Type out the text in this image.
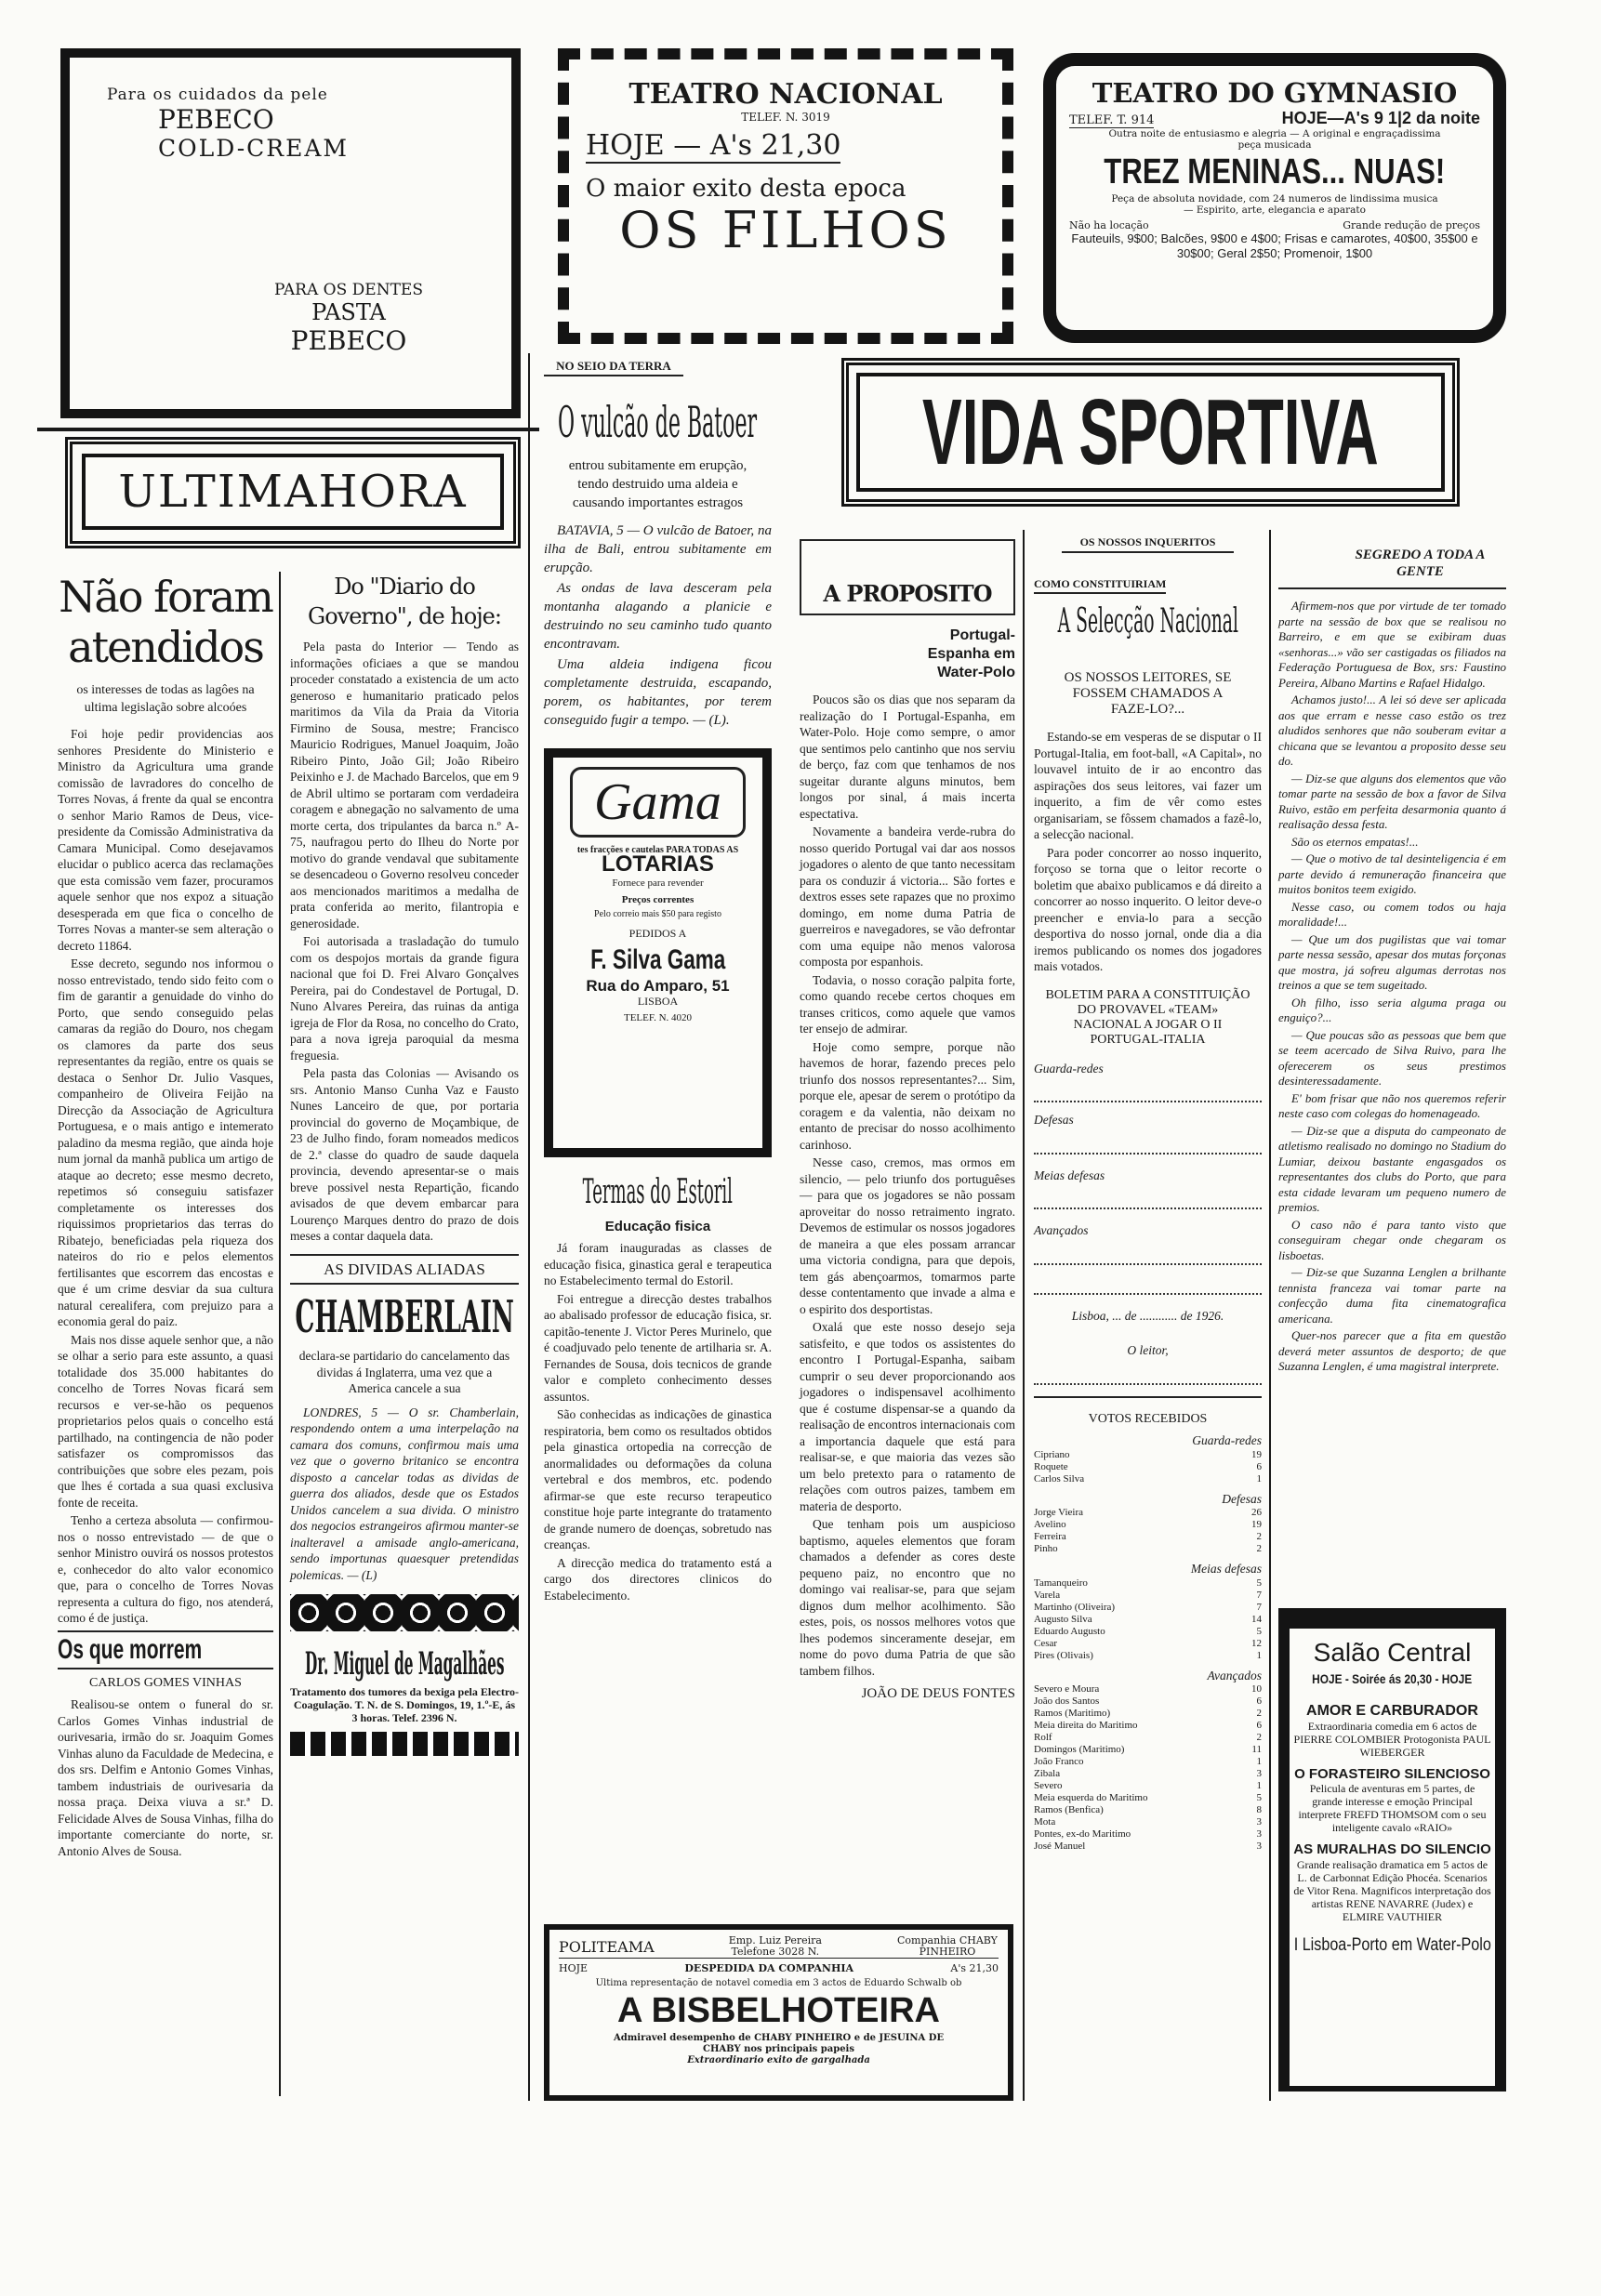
Para os cuidados da pele
PEBECO
COLD-CREAM
PARA OS DENTES
PASTA
PEBECO
TEATRO NACIONAL
TELEF. N. 3019
HOJE — A's 21,30
O maior exito desta epoca
OS FILHOS
TEATRO DO GYMNASIO
TELEF. T. 914	HOJE—A's 9 1|2 da noite
Outra noite de entusiasmo e alegria — A original e engraçadissima peça musicada
TREZ MENINAS... NUAS!
Peça de absoluta novidade, com 24 numeros de lindissima musica — Espirito, arte, elegancia e aparato
Não ha locação	Grande redução de preços
Fauteuils, 9$00; Balcões, 9$00 e 4$00; Frisas e camarotes, 40$00, 35$00 e 30$00; Geral 2$50; Promenoir, 1$00
ULTIMAHORA
Não foram atendidos
os interesses de todas as lagôes na ultima legislação sobre alcoóes

Foi hoje pedir providencias aos senhores Presidente do Ministerio e Ministro da Agricultura uma grande comissão de lavradores do concelho de Torres Novas, á frente da qual se encontra o senhor Mario Ramos de Deus, vice-presidente da Comissão Administrativa da Camara Municipal. Como desejavamos elucidar o publico acerca das reclamações que esta comissão vem fazer, procuramos aquele senhor que nos expoz a situação desesperada em que fica o concelho de Torres Novas a manter-se sem alteração o decreto 11864.

Esse decreto, segundo nos informou o nosso entrevistado, tendo sido feito com o fim de garantir a genuidade do vinho do Porto, que sendo conseguido pelas camaras da região do Douro, nos chegam os clamores da parte dos seus representantes da região, entre os quais se destaca o Senhor Dr. Julio Vasques, companheiro de Oliveira Feijão na Direcção da Associação de Agricultura Portuguesa, e o mais antigo e intemerato paladino da mesma região, que ainda hoje num jornal da manhã publica um artigo de ataque ao decreto; esse mesmo decreto, repetimos só conseguiu satisfazer completamente os interesses dos riquissimos proprietarios das terras do Ribatejo, beneficiadas pela riqueza dos nateiros do rio e pelos elementos fertilisantes que escorrem das encostas e que é um crime desviar da sua cultura natural cerealifera, com prejuizo para a economia geral do paiz.

Mais nos disse aquele senhor que, a não se olhar a serio para este assunto, a quasi totalidade dos 35.000 habitantes do concelho de Torres Novas ficará sem recursos e ver-se-hão os pequenos proprietarios pelos quais o concelho está partilhado, na contingencia de não poder satisfazer os compromissos das contribuições que sobre eles pezam, pois que lhes é cortada a sua quasi exclusiva fonte de receita.

Tenho a certeza absoluta — confirmou-nos o nosso entrevistado — de que o senhor Ministro ouvirá os nossos protestos e, conhecedor do alto valor economico que, para o concelho de Torres Novas representa a cultura do figo, nos atenderá, como é de justiça.

Os que morrem
CARLOS GOMES VINHAS

Realisou-se ontem o funeral do sr. Carlos Gomes Vinhas industrial de ourivesaria, irmão do sr. Joaquim Gomes Vinhas aluno da Faculdade de Medecina, e dos srs. Delfim e Antonio Gomes Vinhas, tambem industriais de ourivesaria da nossa praça. Deixa viuva a sr.ª D. Felicidade Alves de Sousa Vinhas, filha do importante comerciante do norte, sr. Antonio Alves de Sousa.

Do "Diario do Governo", de hoje:

Pela pasta do Interior — Tendo as informações oficiaes a que se mandou proceder constatado a existencia de um acto generoso e humanitario praticado pelos maritimos da Vila da Praia da Vitoria Firmino de Sousa, mestre; Francisco Mauricio Rodrigues, Manuel Joaquim, João Ribeiro Pinto, João Gil; João Ribeiro Peixinho e J. de Machado Barcelos, que em 9 de Abril ultimo se portaram com verdadeira coragem e abnegação no salvamento de uma morte certa, dos tripulantes da barca n.º A-75, naufragou perto do Ilheu do Norte por motivo do grande vendaval que subitamente se desencadeou o Governo resolveu conceder aos mencionados maritimos a medalha de prata conferida ao merito, filantropia e generosidade.

Foi autorisada a trasladação do tumulo com os despojos mortais da grande figura nacional que foi D. Frei Alvaro Gonçalves Pereira, pai do Condestavel de Portugal, D. Nuno Alvares Pereira, das ruinas da antiga igreja de Flor da Rosa, no concelho do Crato, para a nova igreja paroquial da mesma freguesia.

Pela pasta das Colonias — Avisando os srs. Antonio Manso Cunha Vaz e Fausto Nunes Lanceiro de que, por portaria provincial do governo de Moçambique, de 23 de Julho findo, foram nomeados medicos de 2.ª classe do quadro de saude daquela provincia, devendo apresentar-se o mais breve possivel nesta Repartição, ficando avisados de que devem embarcar para Lourenço Marques dentro do prazo de dois meses a contar daquela data.

AS DIVIDAS ALIADAS
CHAMBERLAIN
declara-se partidario do cancelamento das dividas á Inglaterra, uma vez que a America cancele a sua

LONDRES, 5 — O sr. Chamberlain, respondendo ontem a uma interpelação na camara dos comuns, confirmou mais uma vez que o governo britanico se encontra disposto a cancelar todas as dividas de guerra dos aliados, desde que os Estados Unidos cancelem a sua divida. O ministro dos negocios estrangeiros afirmou manter-se inalteravel a amisade anglo-americana, sendo importunas quaesquer pretendidas polemicas. — (L)

Dr. Miguel de Magalhães

Tratamento dos tumores da bexiga pela Electro-Coagulação. T. N. de S. Domingos, 19, 1.º-E, ás 3 horas. Telef. 2396 N.

NO SEIO DA TERRA
O vulcão de Batoer
entrou subitamente em erupção, tendo destruido uma aldeia e causando importantes estragos

BATAVIA, 5 — O vulcão de Batoer, na ilha de Bali, entrou subitamente em erupção.

As ondas de lava desceram pela montanha alagando a planicie e destruindo no seu caminho tudo quanto encontravam.

Uma aldeia indigena ficou completamente destruida, escapando, porem, os habitantes, por terem conseguido fugir a tempo. — (L).

Gama
tes fracções e cautelas PARA TODAS AS
LOTARIAS
Fornece para revender
Preços correntes
Pelo correio mais $50 para registo
PEDIDOS A
F. Silva Gama
Rua do Amparo, 51
LISBOA
TELEF. N. 4020
Termas do Estoril
Educação fisica

Já foram inauguradas as classes de educação fisica, ginastica geral e terapeutica no Estabelecimento termal do Estoril.

Foi entregue a direcção destes trabalhos ao abalisado professor de educação fisica, sr. capitão-tenente J. Victor Peres Murinelo, que é coadjuvado pelo tenente de artilharia sr. A. Fernandes de Sousa, dois tecnicos de grande valor e completo conhecimento desses assuntos.

São conhecidas as indicações de ginastica respiratoria, bem como os resultados obtidos pela ginastica ortopedia na correcção de anormalidades ou deformações da coluna vertebral e dos membros, etc. podendo afirmar-se que este recurso terapeutico constitue hoje parte integrante do tratamento de grande numero de doenças, sobretudo nas creanças.

A direcção medica do tratamento está a cargo dos directores clinicos do Estabelecimento.

POLITEAMA	Emp. Luiz Pereira
Telefone 3028 N.
Companhia CHABY PINHEIRO
HOJE	DESPEDIDA DA COMPANHIA	A's 21,30
Ultima representação de notavel comedia em 3 actos de Eduardo Schwalb ob
A BISBELHOTEIRA
Admiravel desempenho de CHABY PINHEIRO e de JESUINA DE CHABY nos principais papeis
Extraordinario exito de gargalhada
VIDA SPORTIVA
A PROPOSITO
Portugal-Espanha em Water-Polo

Poucos são os dias que nos separam da realização do I Portugal-Espanha, em Water-Polo. Hoje como sempre, o amor que sentimos pelo cantinho que nos serviu de berço, faz com que tenhamos de nos sugeitar durante alguns minutos, bem longos por sinal, á mais incerta espectativa.

Novamente a bandeira verde-rubra do nosso querido Portugal vai dar aos nossos jogadores o alento de que tanto necessitam para os conduzir á victoria... São fortes e dextros esses sete rapazes que no proximo domingo, em nome duma Patria de guerreiros e navegadores, se vão defrontar com uma equipe não menos valorosa composta por espanhois.

Todavia, o nosso coração palpita forte, como quando recebe certos choques em transes criticos, como aquele que vamos ter ensejo de admirar.

Hoje como sempre, porque não havemos de horar, fazendo preces pelo triunfo dos nossos representantes?... Sim, porque ele, apesar de serem o protótipo da coragem e da valentia, não deixam no entanto de precisar do nosso acolhimento carinhoso.

Nesse caso, cremos, mas ormos em silencio, — pelo triunfo dos portuguêses — para que os jogadores se não possam aproveitar do nosso retraimento ingrato. Devemos de estimular os nossos jogadores de maneira a que eles possam arrancar uma victoria condigna, para que depois, tem gás abençoarmos, tomarmos parte desse contentamento que invade a alma e o espirito dos desportistas.

Oxalá que este nosso desejo seja satisfeito, e que todos os assistentes do encontro I Portugal-Espanha, saibam cumprir o seu dever proporcionando aos jogadores o indispensavel acolhimento que é costume dispensar-se a quando da realisação de encontros internacionais com a importancia daquele que está para realisar-se, e que maioria das vezes são um belo pretexto para o ratamento de relações com outros paizes, tambem em materia de desporto.

Que tenham pois um auspicioso baptismo, aqueles elementos que foram chamados a defender as cores deste pequeno paiz, no encontro que no domingo vai realisar-se, para que sejam dignos dum melhor acolhimento. São estes, pois, os nossos melhores votos que lhes podemos sinceramente desejar, em nome do povo duma Patria de que são tambem filhos.

JOÃO DE DEUS FONTES
OS NOSSOS INQUERITOS
COMO CONSTITUIRIAM
A Selecção Nacional
OS NOSSOS LEITORES, SE FOSSEM CHAMADOS A FAZE-LO?...

Estando-se em vesperas de se disputar o II Portugal-Italia, em foot-ball, «A Capital», no louvavel intuito de ir ao encontro das aspirações dos seus leitores, vai fazer um inquerito, a fim de vêr como estes organisariam, se fôssem chamados a fazê-lo, a selecção nacional.

Para poder concorrer ao nosso inquerito, forçoso se torna que o leitor recorte o boletim que abaixo publicamos e dá direito a concorrer ao nosso inquerito. O leitor deve-o preencher e envia-lo para a secção desportiva do nosso jornal, onde dia a dia iremos publicando os nomes dos jogadores mais votados.

BOLETIM PARA A CONSTITUIÇÃO DO PROVAVEL «TEAM» NACIONAL A JOGAR O II PORTUGAL-ITALIA
Guarda-redes
Defesas
Meias defesas
Avançados
Lisboa, ... de ............ de 1926.
O leitor,
VOTOS RECEBIDOS
Guarda-redes
Cipriano	19
Roquete	6
Carlos Silva	1
Defesas
Jorge Vieira	26
Avelino	19
Ferreira	2
Pinho	2
Meias defesas
Tamanqueiro	5
Varela	7
Martinho (Oliveira)	7
Augusto Silva	14
Eduardo Augusto	5
Cesar	12
Pires (Olivais)	1
Avançados
Severo e Moura	10
João dos Santos	6
Ramos (Maritimo)	2
Meia direita do Maritimo	6
Rolf	2
Domingos (Maritimo)	11
João Franco	1
Zibala	3
Severo	1
Meia esquerda do Maritimo	5
Ramos (Benfica)	8
Mota	3
Pontes, ex-do Maritimo	3
José Manuel	3
SEGREDO A TODA A GENTE

Afirmem-nos que por virtude de ter tomado parte na sessão de box que se realisou no Barreiro, e em que se exibiram duas «senhoras...» vão ser castigadas os filiados na Federação Portuguesa de Box, srs: Faustino Pereira, Albano Martins e Rafael Hidalgo.

Achamos justo!... A lei só deve ser aplicada aos que erram e nesse caso estão os trez aludidos senhores que não souberam evitar a chicana que se levantou a proposito desse seu do.

— Diz-se que alguns dos elementos que vão tomar parte na sessão de box a favor de Silva Ruivo, estão em perfeita desarmonia quanto á realisação dessa festa.

São os eternos empatas!...

— Que o motivo de tal desinteligencia é em parte devido á remuneração financeira que muitos bonitos teem exigido.

Nesse caso, ou comem todos ou haja moralidade!...

— Que um dos pugilistas que vai tomar parte nessa sessão, apesar dos mutas forçonas que mostra, já sofreu algumas derrotas nos treinos a que se tem sugeitado.

Oh filho, isso seria alguma praga ou enguiço?...

— Que poucas são as pessoas que bem que se teem acercado de Silva Ruivo, para lhe oferecerem os seus prestimos desinteressadamente.

E' bom frisar que não nos queremos referir neste caso com colegas do homenageado.

— Diz-se que a disputa do campeonato de atletismo realisado no domingo no Stadium do Lumiar, deixou bastante engasgados os representantes dos clubs do Porto, que para esta cidade levaram um pequeno numero de premios.

O caso não é para tanto visto que conseguiram chegar onde chegaram os lisboetas.

— Diz-se que Suzanna Lenglen a brilhante tennista franceza vai tomar parte na confecção duma fita cinematografica americana.

Quer-nos parecer que a fita em questão deverá meter assuntos de desporto; de que Suzanna Lenglen, é uma magistral interprete.

Salão Central
HOJE - Soirée ás 20,30 - HOJE
AMOR E CARBURADOR
Extraordinaria comedia em 6 actos de PIERRE COLOMBIER Protogonista PAUL WIEBERGER
O FORASTEIRO SILENCIOSO
Pelicula de aventuras em 5 partes, de grande interesse e emoção Principal interprete FREFD THOMSOM com o seu inteligente cavalo «RAIO»
AS MURALHAS DO SILENCIO
Grande realisação dramatica em 5 actos de L. de Carbonnat Edição Phocéa. Scenarios de Vitor Rena. Magnificos interpretação dos artistas RENE NAVARRE (Judex) e ELMIRE VAUTHIER
I Lisboa-Porto em Water-Polo
